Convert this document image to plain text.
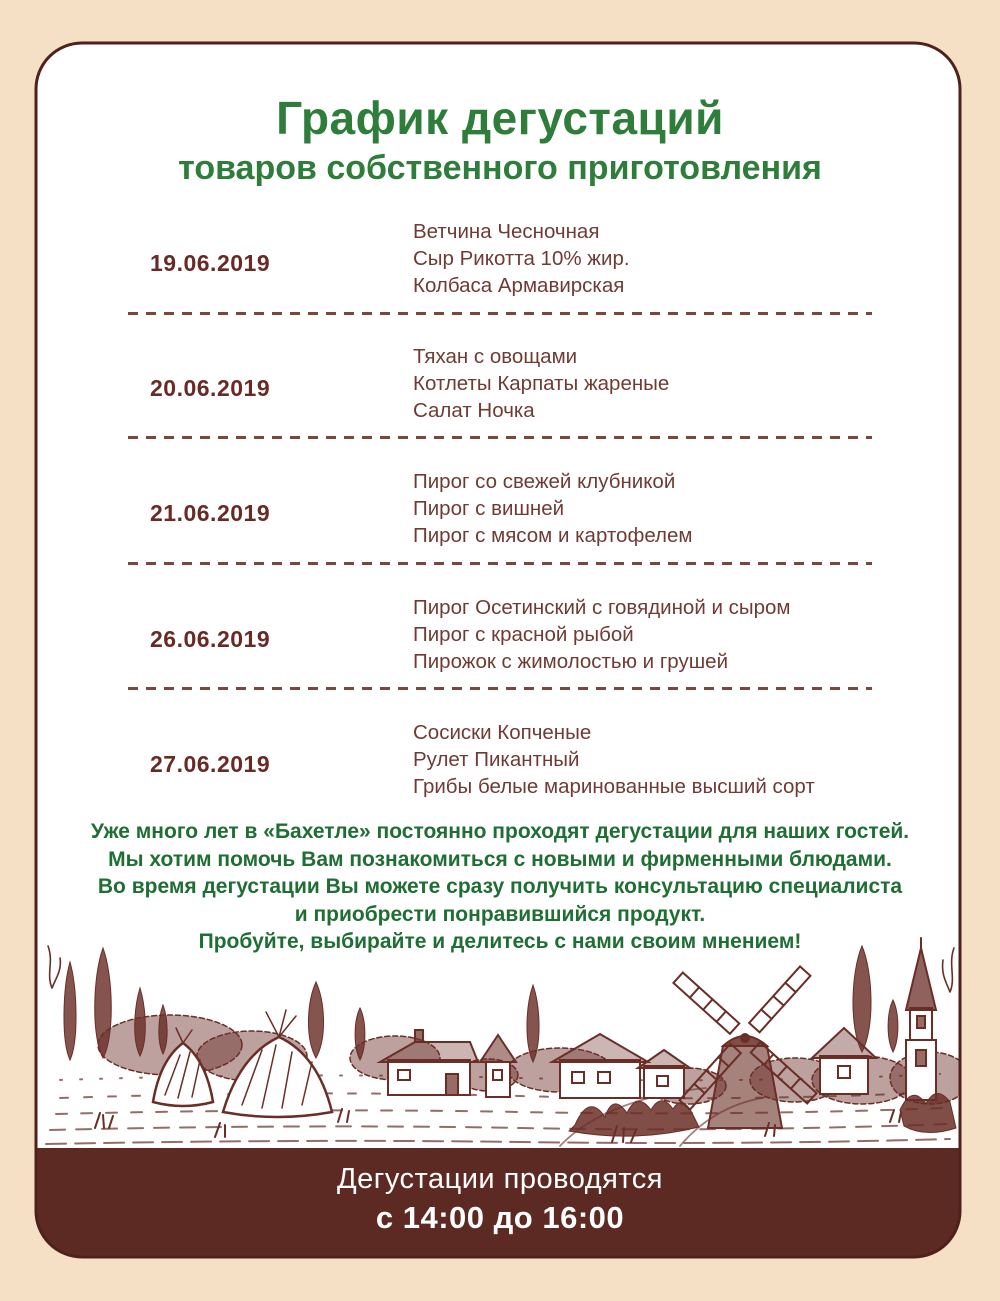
График дегустаций
товаров собственного приготовления
19.06.2019
Ветчина Чесночная
Сыр Рикотта 10% жир.
Колбаса Армавирская
20.06.2019
Тяхан с овощами
Котлеты Карпаты жареные
Салат Ночка
21.06.2019
Пирог со свежей клубникой
Пирог с вишней
Пирог с мясом и картофелем
26.06.2019
Пирог Осетинский с говядиной и сыром
Пирог с красной рыбой
Пирожок с жимолостью и грушей
27.06.2019
Сосиски Копченые
Рулет Пикантный
Грибы белые маринованные высший сорт
Уже много лет в «Бахетле» постоянно проходят дегустации для наших гостей.
Мы хотим помочь Вам познакомиться с новыми и фирменными блюдами.
Во время дегустации Вы можете сразу получить консультацию специалиста
и приобрести понравившийся продукт.
Пробуйте, выбирайте и делитесь с нами своим мнением!
Дегустации проводятся
с 14:00 до 16:00
